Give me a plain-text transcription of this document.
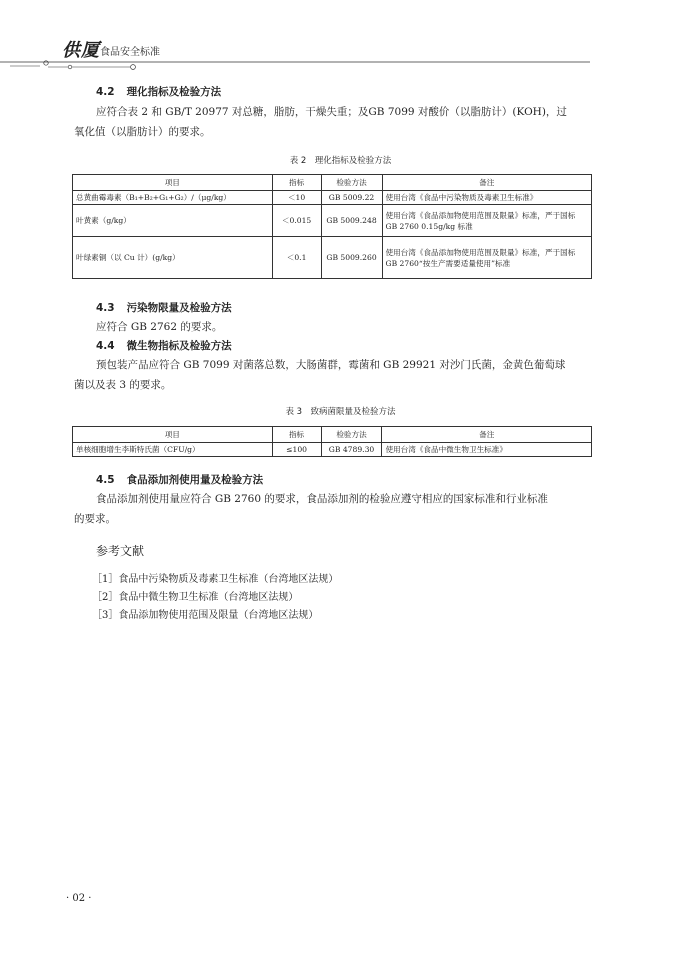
供厦 食品安全标准
4.2 理化指标及检验方法
应符合表 2 和 GB/T 20977 对总糖，脂肪，干燥失重；及GB 7099 对酸价（以脂肪计）(KOH)，过
氧化值（以脂肪计）的要求。
表 2　理化指标及检验方法
项目	指标	检验方法	备注
总黄曲霉毒素（B₁+B₂+G₁+G₂）/（μg/kg）	＜10	GB 5009.22	使用台湾《食品中污染物质及毒素卫生标准》
叶黄素（g/kg）	＜0.015	GB 5009.248	使用台湾《食品添加物使用范围及限量》标准，严于国标 GB 2760 0.15g/kg 标准
叶绿素铜（以 Cu 计）(g/kg）	＜0.1	GB 5009.260	使用台湾《食品添加物使用范围及限量》标准，严于国标 GB 2760“按生产需要适量使用”标准
4.3 污染物限量及检验方法
应符合 GB 2762 的要求。
4.4 微生物指标及检验方法
预包装产品应符合 GB 7099 对菌落总数，大肠菌群，霉菌和 GB 29921 对沙门氏菌，金黄色葡萄球
菌以及表 3 的要求。
表 3　致病菌限量及检验方法
项目	指标	检验方法	备注
单核细胞增生李斯特氏菌（CFU/g）	≤100	GB 4789.30	使用台湾《食品中微生物卫生标准》
4.5 食品添加剂使用量及检验方法
食品添加剂使用量应符合 GB 2760 的要求，食品添加剂的检验应遵守相应的国家标准和行业标准
的要求。
参考文献
［1］食品中污染物质及毒素卫生标准（台湾地区法规）
［2］食品中微生物卫生标准（台湾地区法规）
［3］食品添加物使用范围及限量（台湾地区法规）
· 02 ·
